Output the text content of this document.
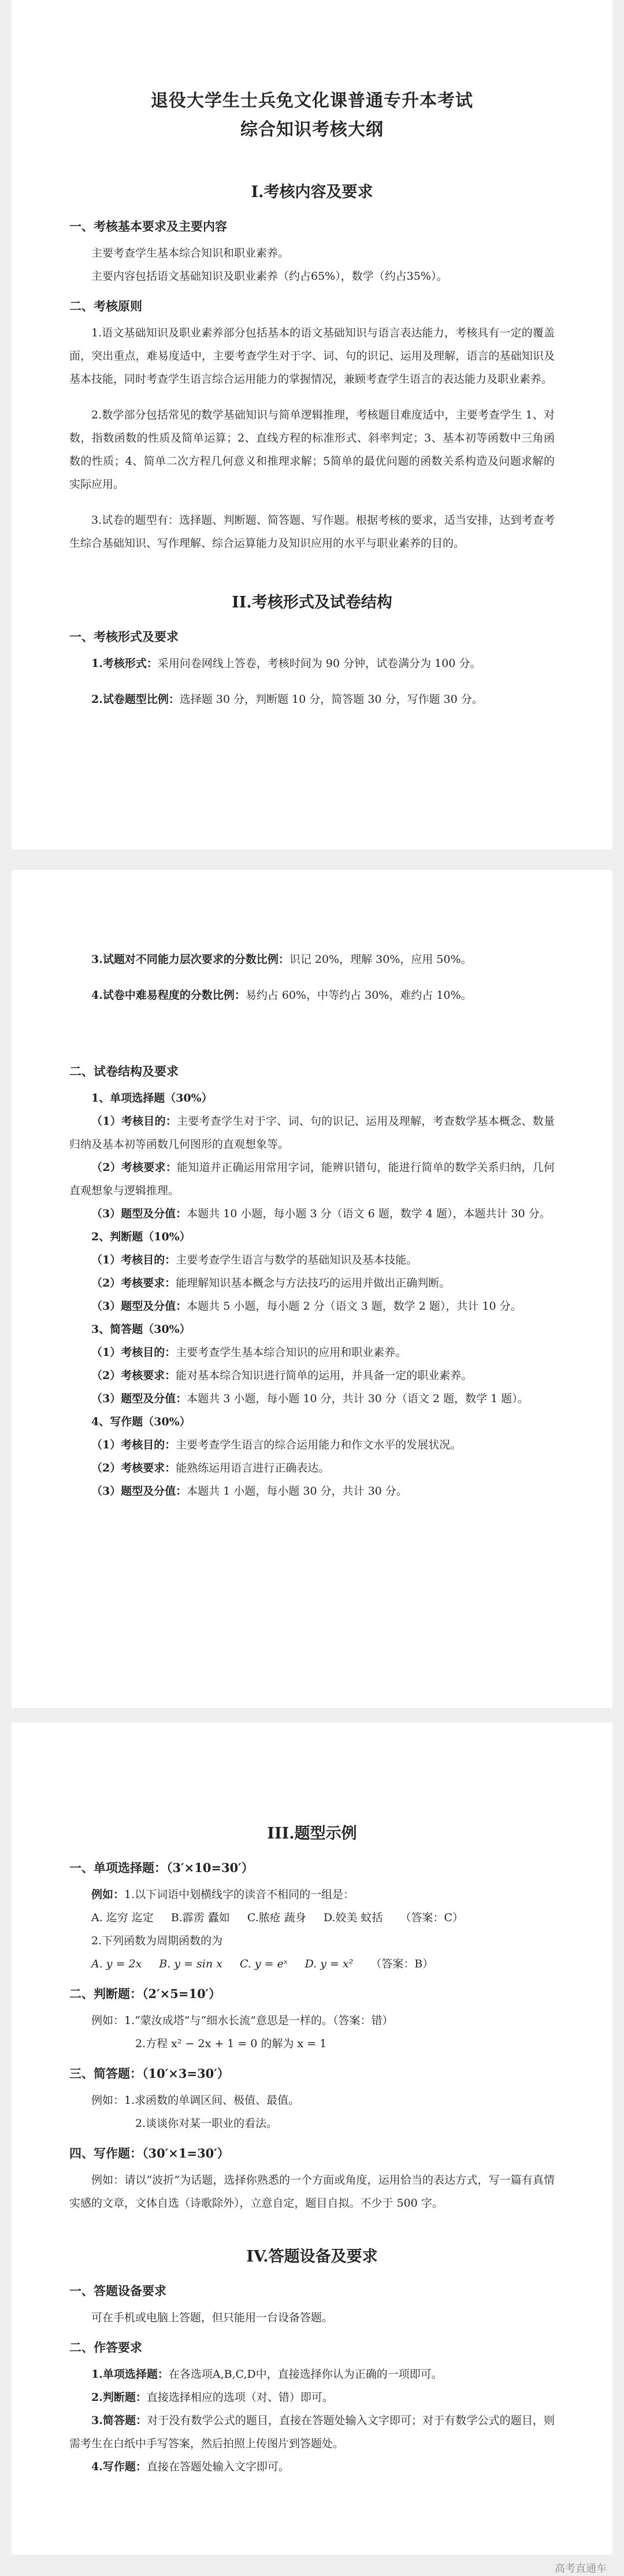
退役大学生士兵免文化课普通专升本考试

综合知识考核大纲

I.考核内容及要求
一、考核基本要求及主要内容

主要考查学生基本综合知识和职业素养。

主要内容包括语文基础知识及职业素养（约占65%），数学（约占35%）。

二、考核原则

1.语文基础知识及职业素养部分包括基本的语文基础知识与语言表达能力，考核具有一定的覆盖面，突出重点，难易度适中，主要考查学生对于字、词、句的识记、运用及理解，语言的基础知识及基本技能，同时考查学生语言综合运用能力的掌握情况，兼顾考查学生语言的表达能力及职业素养。

2.数学部分包括常见的数学基础知识与简单逻辑推理，考核题目难度适中，主要考查学生 1、对数，指数函数的性质及简单运算；2、直线方程的标准形式、斜率判定；3、基本初等函数中三角函数的性质；4、简单二次方程几何意义和推理求解；5简单的最优问题的函数关系构造及问题求解的实际应用。

3.试卷的题型有：选择题、判断题、简答题、写作题。根据考核的要求，适当安排，达到考查考生综合基础知识、写作理解、综合运算能力及知识应用的水平与职业素养的目的。

II.考核形式及试卷结构
一、考核形式及要求

1.考核形式：采用问卷网线上答卷，考核时间为 90 分钟，试卷满分为 100 分。

2.试卷题型比例：选择题 30 分，判断题 10 分，简答题 30 分，写作题 30 分。

3.试题对不同能力层次要求的分数比例：识记 20%，理解 30%，应用 50%。

4.试卷中难易程度的分数比例：易约占 60%，中等约占 30%，难约占 10%。

二、试卷结构及要求

1、单项选择题（30%）

（1）考核目的：主要考查学生对于字、词、句的识记、运用及理解，考查数学基本概念、数量归纳及基本初等函数几何图形的直观想象等。

（2）考核要求：能知道并正确运用常用字词，能辨识错句，能进行简单的数学关系归纳，几何直观想象与逻辑推理。

（3）题型及分值：本题共 10 小题，每小题 3 分（语文 6 题，数学 4 题），本题共计 30 分。

2、判断题（10%）

（1）考核目的：主要考查学生语言与数学的基础知识及基本技能。

（2）考核要求：能理解知识基本概念与方法技巧的运用并做出正确判断。

（3）题型及分值：本题共 5 小题，每小题 2 分（语文 3 题，数学 2 题），共计 10 分。

3、简答题（30%）

（1）考核目的：主要考查学生基本综合知识的应用和职业素养。

（2）考核要求：能对基本综合知识进行简单的运用，并具备一定的职业素养。

（3）题型及分值：本题共 3 小题，每小题 10 分，共计 30 分（语文 2 题，数学 1 题）。

4、写作题（30%）

（1）考核目的：主要考查学生语言的综合运用能力和作文水平的发展状况。

（2）考核要求：能熟练运用语言进行正确表达。

（3）题型及分值：本题共 1 小题，每小题 30 分，共计 30 分。

III.题型示例
一、单项选择题：（3′×10=30′）

例如：1.以下词语中划横线字的读音不相同的一组是：

A. 迄穷 迄定 B.霹雳 蠹如 C.脓疮 蔬身 D.姣美 蚊括 （答案：C）

2.下列函数为周期函数的为

A. y = 2x B. y = sin x C. y = eˣ D. y = x² （答案：B）

二、判断题：（2′×5=10′）

例如：1.“蒙汝成塔”与“细水长流”意思是一样的。（答案：错）

2.方程 x² − 2x + 1 = 0 的解为 x = 1

三、简答题：（10′×3=30′）

例如：1.求函数的单调区间、极值、最值。

2.谈谈你对某一职业的看法。

四、写作题：（30′×1=30′）

例如：请以“波折”为话题，选择你熟悉的一个方面或角度，运用恰当的表达方式，写一篇有真情实感的文章，文体自选（诗歌除外），立意自定，题目自拟。不少于 500 字。

IV.答题设备及要求
一、答题设备要求

可在手机或电脑上答题，但只能用一台设备答题。

二、作答要求

1.单项选择题：在各选项A,B,C,D中，直接选择你认为正确的一项即可。

2.判断题：直接选择相应的选项（对、错）即可。

3.简答题：对于没有数学公式的题目，直接在答题处输入文字即可；对于有数学公式的题目，则需考生在白纸中手写答案，然后拍照上传图片到答题处。

4.写作题：直接在答题处输入文字即可。

高考直通车
